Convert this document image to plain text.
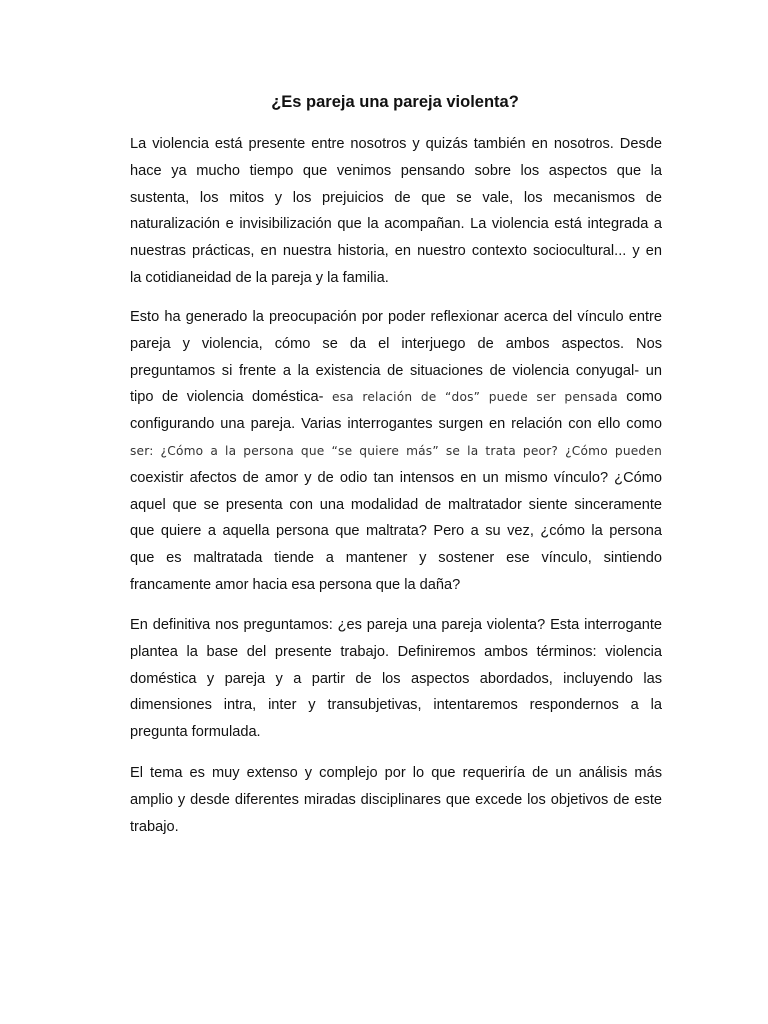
¿Es pareja una pareja violenta?
La violencia está presente entre nosotros y quizás también en nosotros. Desde
hace ya mucho tiempo que venimos pensando sobre los aspectos que la
sustenta, los mitos y los prejuicios de que se vale, los mecanismos de
naturalización e invisibilización que la acompañan. La violencia está integrada a
nuestras prácticas, en nuestra historia, en nuestro contexto sociocultural... y en
la cotidianeidad de la pareja y la familia.
Esto ha generado la preocupación por poder reflexionar acerca del vínculo entre
pareja y violencia, cómo se da el interjuego de ambos aspectos. Nos
preguntamos si frente a la existencia de situaciones de violencia conyugal- un
tipo de violencia doméstica- esa relación de “dos” puede ser pensada como
configurando una pareja. Varias interrogantes surgen en relación con ello como
ser: ¿Cómo a la persona que “se quiere más” se la trata peor? ¿Cómo pueden
coexistir afectos de amor y de odio tan intensos en un mismo vínculo? ¿Cómo
aquel que se presenta con una modalidad de maltratador siente sinceramente
que quiere a aquella persona que maltrata? Pero a su vez, ¿cómo la persona
que es maltratada tiende a mantener y sostener ese vínculo, sintiendo
francamente amor hacia esa persona que la daña?
En definitiva nos preguntamos: ¿es pareja una pareja violenta? Esta interrogante
plantea la base del presente trabajo. Definiremos ambos términos: violencia
doméstica y pareja y a partir de los aspectos abordados, incluyendo las
dimensiones intra, inter y transubjetivas, intentaremos respondernos a la
pregunta formulada.
El tema es muy extenso y complejo por lo que requeriría de un análisis más
amplio y desde diferentes miradas disciplinares que excede los objetivos de este
trabajo.
